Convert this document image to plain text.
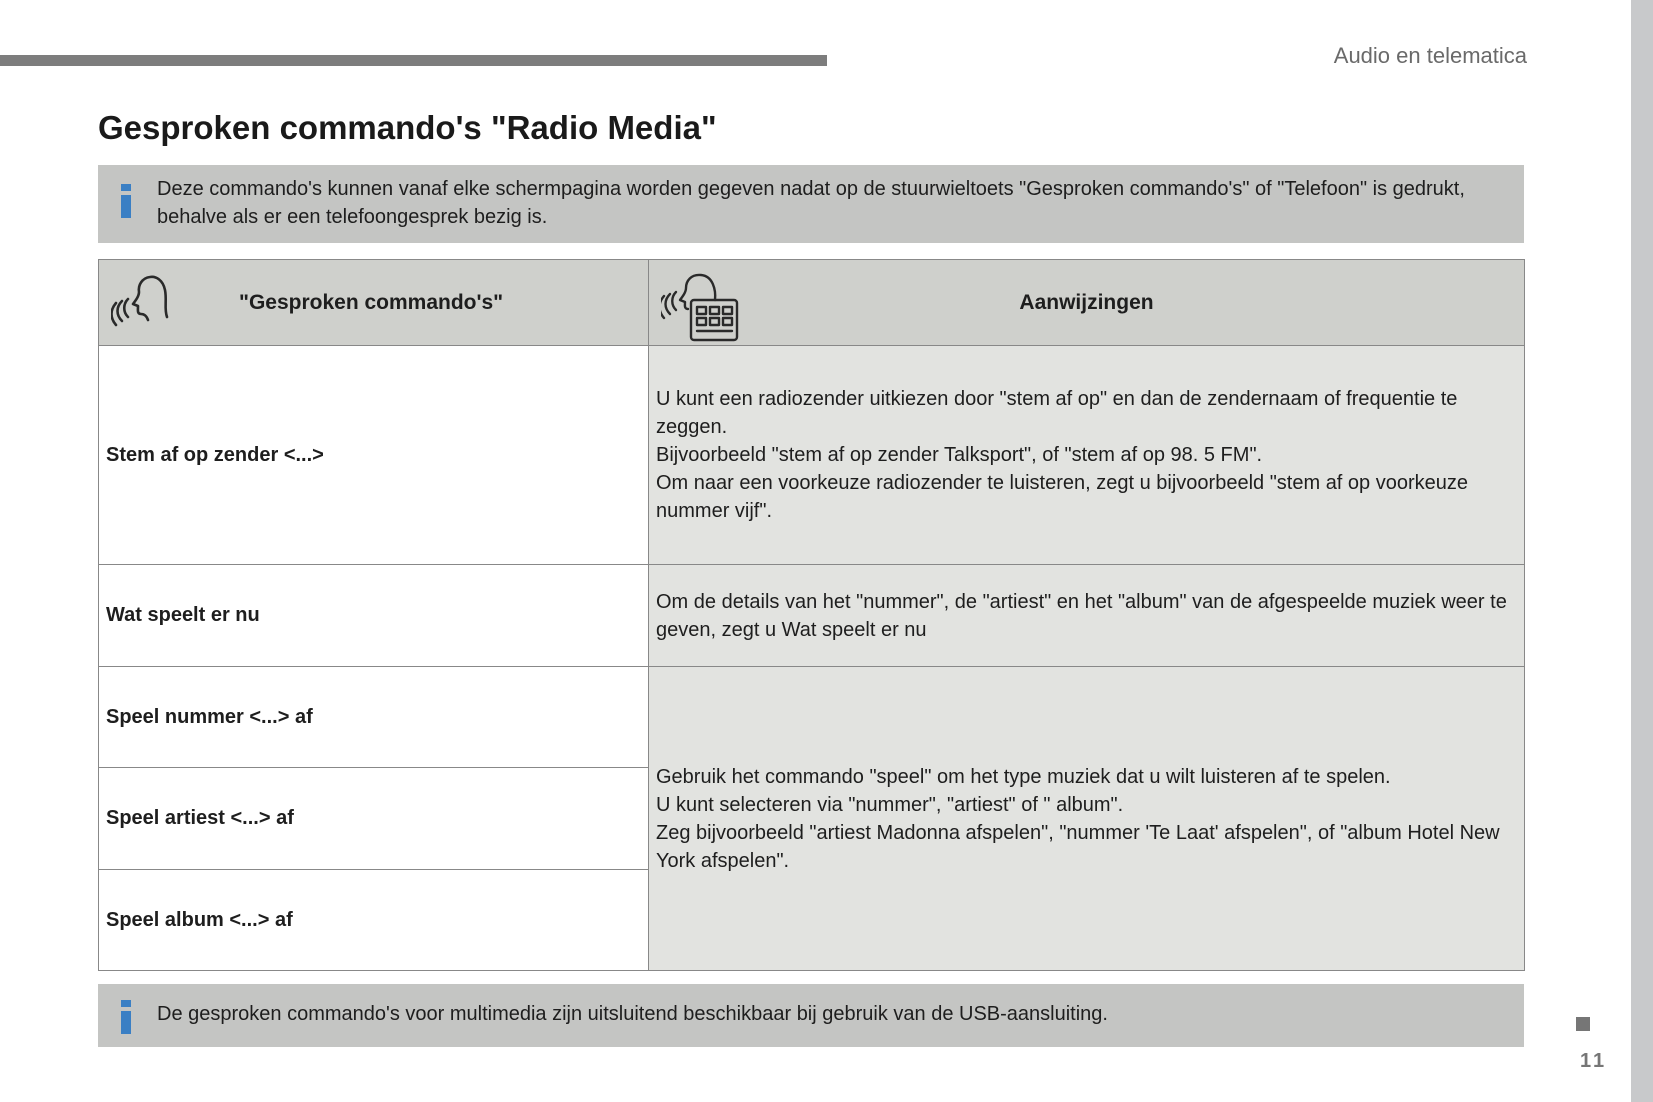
Audio en telematica
Gesproken commando's "Radio Media"
Deze commando's kunnen vanaf elke schermpagina worden gegeven nadat op de stuurwieltoets "Gesproken commando's" of "Telefoon" is gedrukt, behalve als er een telefoongesprek bezig is.
"Gesproken commando's"	Aanwijzingen

Stem af op zender <...>	U kunt een radiozender uitkiezen door "stem af op" en dan de zendernaam of frequentie te zeggen.
Bijvoorbeeld "stem af op zender Talksport", of "stem af op 98. 5 FM".
Om naar een voorkeuze radiozender te luisteren, zegt u bijvoorbeeld "stem af op voorkeuze nummer vijf".

Wat speelt er nu	Om de details van het "nummer", de "artiest" en het "album" van de afgespeelde muziek weer te geven, zegt u Wat speelt er nu
Speel nummer <...> af	Gebruik het commando "speel" om het type muziek dat u wilt luisteren af te spelen.
U kunt selecteren via "nummer", "artiest" of " album".
Zeg bijvoorbeeld "artiest Madonna afspelen", "nummer 'Te Laat' afspelen", of "album Hotel New York afspelen".

Speel artiest <...> af	
Speel album <...> af	
De gesproken commando's voor multimedia zijn uitsluitend beschikbaar bij gebruik van de USB-aansluiting.
11
